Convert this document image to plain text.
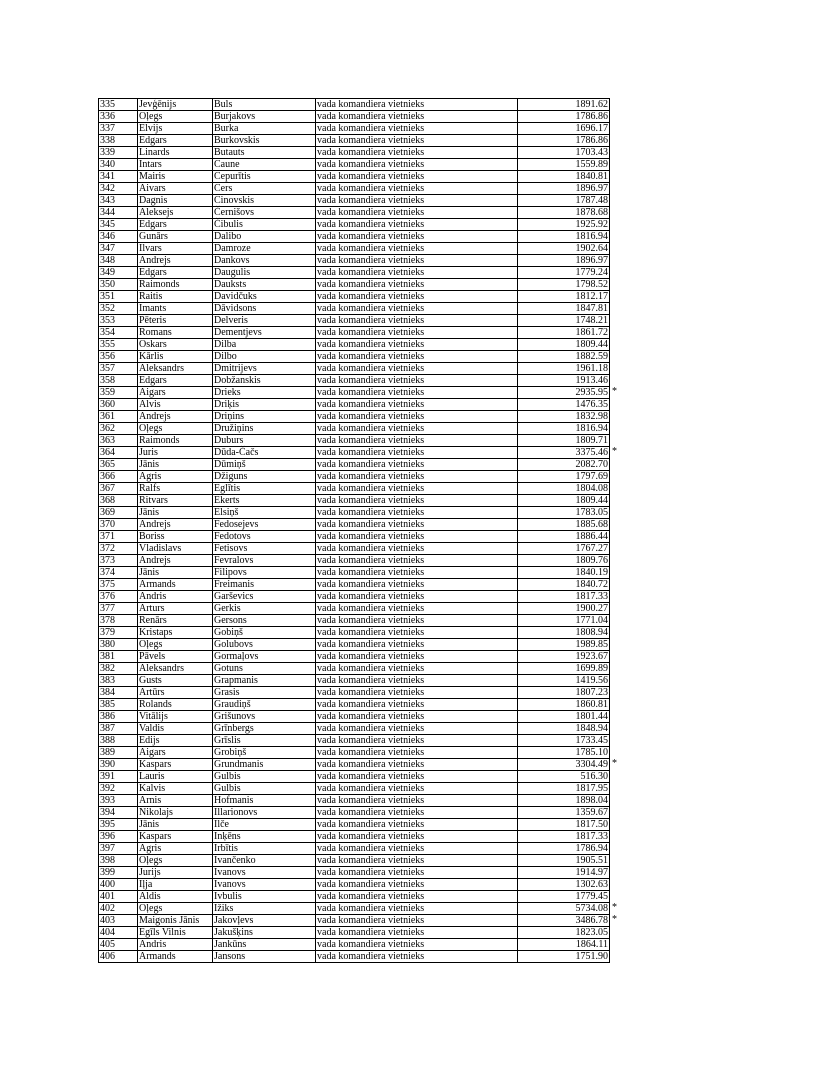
335	Jevģēnijs	Buls	vada komandiera vietnieks	1891.62
336	Oļegs	Burjakovs	vada komandiera vietnieks	1786.86
337	Elvijs	Burka	vada komandiera vietnieks	1696.17
338	Edgars	Burkovskis	vada komandiera vietnieks	1786.86
339	Linards	Butauts	vada komandiera vietnieks	1703.43
340	Intars	Caune	vada komandiera vietnieks	1559.89
341	Mairis	Cepurītis	vada komandiera vietnieks	1840.81
342	Aivars	Cers	vada komandiera vietnieks	1896.97
343	Dagnis	Cinovskis	vada komandiera vietnieks	1787.48
344	Aleksejs	Černišovs	vada komandiera vietnieks	1878.68
345	Edgars	Čibulis	vada komandiera vietnieks	1925.92
346	Gunārs	Dalibo	vada komandiera vietnieks	1816.94
347	Ilvars	Damroze	vada komandiera vietnieks	1902.64
348	Andrejs	Dankovs	vada komandiera vietnieks	1896.97
349	Edgars	Daugulis	vada komandiera vietnieks	1779.24
350	Raimonds	Dauksts	vada komandiera vietnieks	1798.52
351	Raitis	Davidčuks	vada komandiera vietnieks	1812.17
352	Imants	Dāvidsons	vada komandiera vietnieks	1847.81
353	Pēteris	Delveris	vada komandiera vietnieks	1748.21
354	Romans	Dementjevs	vada komandiera vietnieks	1861.72
355	Oskars	Dilba	vada komandiera vietnieks	1809.44
356	Kārlis	Dilbo	vada komandiera vietnieks	1882.59
357	Aleksandrs	Dmitrijevs	vada komandiera vietnieks	1961.18
358	Edgars	Dobžanskis	vada komandiera vietnieks	1913.46
359	Aigars	Drieks	vada komandiera vietnieks	2935.95 *

360	Alvis	Driķis	vada komandiera vietnieks	1476.35
361	Andrejs	Driņins	vada komandiera vietnieks	1832.98
362	Oļegs	Družiņins	vada komandiera vietnieks	1816.94
363	Raimonds	Duburs	vada komandiera vietnieks	1809.71
364	Juris	Dūda-Čačs	vada komandiera vietnieks	3375.46 *

365	Jānis	Dūmiņš	vada komandiera vietnieks	2082.70
366	Agris	Džiguns	vada komandiera vietnieks	1797.69
367	Ralfs	Eglītis	vada komandiera vietnieks	1804.08
368	Ritvars	Ekerts	vada komandiera vietnieks	1809.44
369	Jānis	Elsiņš	vada komandiera vietnieks	1783.05
370	Andrejs	Fedosejevs	vada komandiera vietnieks	1885.68
371	Boriss	Fedotovs	vada komandiera vietnieks	1886.44
372	Vladislavs	Fetisovs	vada komandiera vietnieks	1767.27
373	Andrejs	Fevralovs	vada komandiera vietnieks	1809.76
374	Jānis	Filipovs	vada komandiera vietnieks	1840.19
375	Armands	Freimanis	vada komandiera vietnieks	1840.72
376	Andris	Garševics	vada komandiera vietnieks	1817.33
377	Arturs	Gerkis	vada komandiera vietnieks	1900.27
378	Renārs	Gersons	vada komandiera vietnieks	1771.04
379	Kristaps	Gobiņš	vada komandiera vietnieks	1808.94
380	Oļegs	Golubovs	vada komandiera vietnieks	1989.85
381	Pāvels	Gormaļovs	vada komandiera vietnieks	1923.67
382	Aleksandrs	Gotuns	vada komandiera vietnieks	1699.89
383	Gusts	Grapmanis	vada komandiera vietnieks	1419.56
384	Artūrs	Grasis	vada komandiera vietnieks	1807.23
385	Rolands	Graudiņš	vada komandiera vietnieks	1860.81
386	Vitālijs	Grišunovs	vada komandiera vietnieks	1801.44
387	Valdis	Grīnbergs	vada komandiera vietnieks	1848.94
388	Edijs	Grīslis	vada komandiera vietnieks	1733.45
389	Aigars	Grobiņš	vada komandiera vietnieks	1785.10
390	Kaspars	Grundmanis	vada komandiera vietnieks	3304.49 *

391	Lauris	Gulbis	vada komandiera vietnieks	516.30
392	Kalvis	Gulbis	vada komandiera vietnieks	1817.95
393	Arnis	Hofmanis	vada komandiera vietnieks	1898.04
394	Nikolajs	Illarionovs	vada komandiera vietnieks	1359.67
395	Jānis	Ilče	vada komandiera vietnieks	1817.50
396	Kaspars	Inķēns	vada komandiera vietnieks	1817.33
397	Agris	Irbītis	vada komandiera vietnieks	1786.94
398	Oļegs	Ivančenko	vada komandiera vietnieks	1905.51
399	Jurijs	Ivanovs	vada komandiera vietnieks	1914.97
400	Iļja	Ivanovs	vada komandiera vietnieks	1302.63
401	Aldis	Ivbulis	vada komandiera vietnieks	1779.45
402	Oļegs	Ižiks	vada komandiera vietnieks	5734.08 *

403	Maigonis Jānis	Jakovļevs	vada komandiera vietnieks	3486.78 *

404	Egīls Vilnis	Jakušķins	vada komandiera vietnieks	1823.05
405	Andris	Jankūns	vada komandiera vietnieks	1864.11
406	Armands	Jansons	vada komandiera vietnieks	1751.90
